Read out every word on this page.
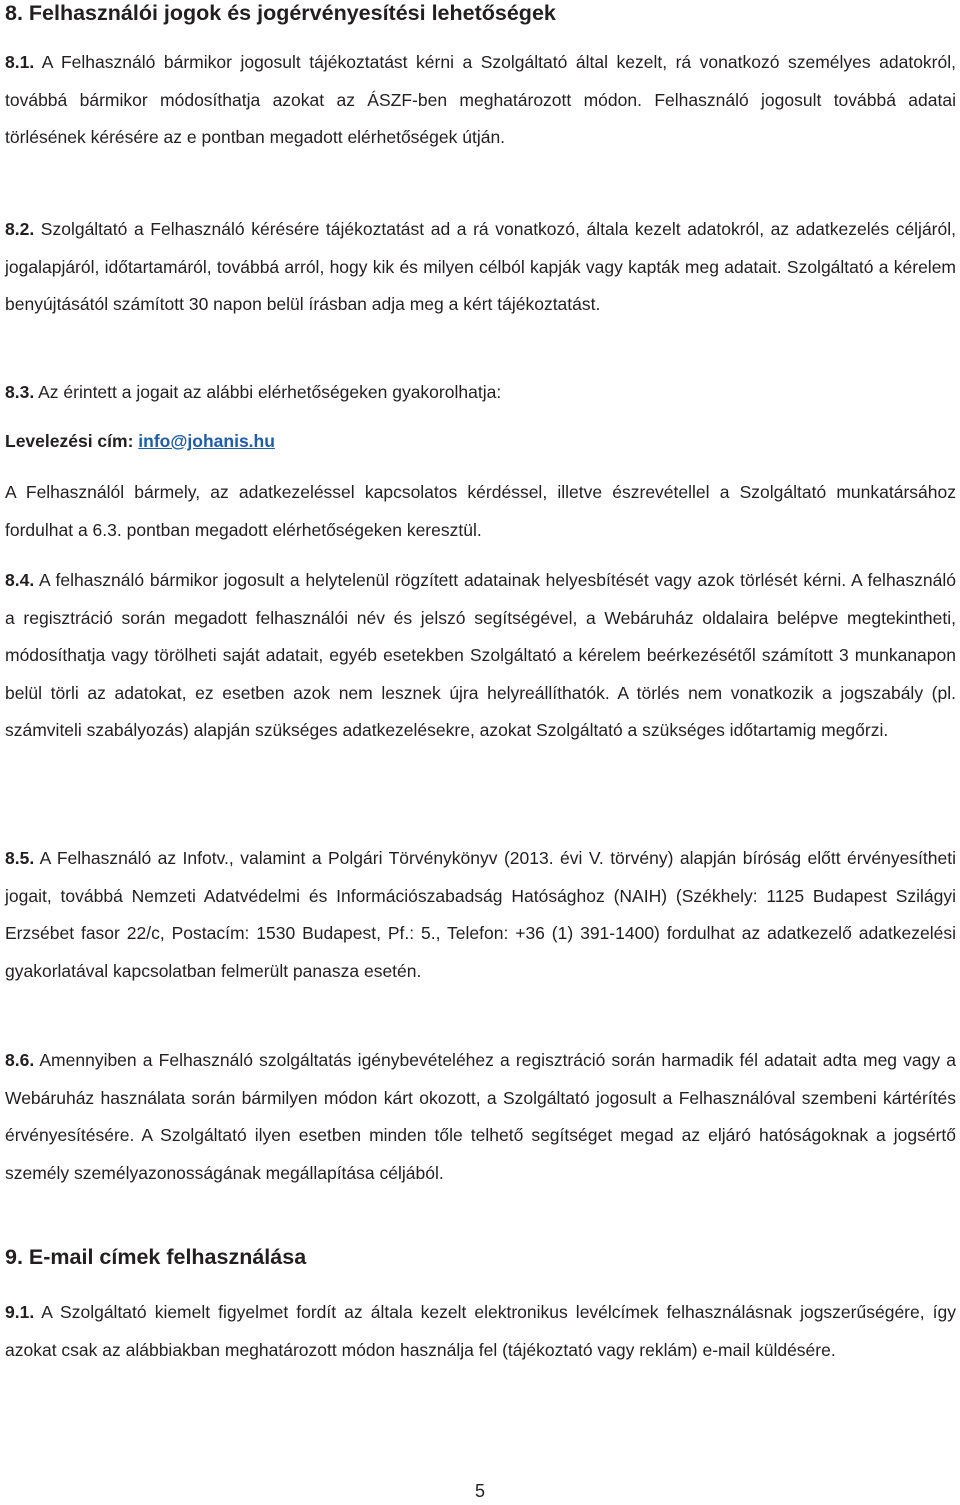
8. Felhasználói jogok és jogérvényesítési lehetőségek

8.1. A Felhasználó bármikor jogosult tájékoztatást kérni a Szolgáltató által kezelt, rá vonatkozó személyes adatokról, továbbá bármikor módosíthatja azokat az ÁSZF-ben meghatározott módon. Felhasználó jogosult továbbá adatai törlésének kérésére az e pontban megadott elérhetőségek útján.

8.2. Szolgáltató a Felhasználó kérésére tájékoztatást ad a rá vonatkozó, általa kezelt adatokról, az adatkezelés céljáról, jogalapjáról, időtartamáról, továbbá arról, hogy kik és milyen célból kapják vagy kapták meg adatait. Szolgáltató a kérelem benyújtásától számított 30 napon belül írásban adja meg a kért tájékoztatást.

8.3. Az érintett a jogait az alábbi elérhetőségeken gyakorolhatja:

Levelezési cím: info@johanis.hu

A Felhasználól bármely, az adatkezeléssel kapcsolatos kérdéssel, illetve észrevétellel a Szolgáltató munkatársához fordulhat a 6.3. pontban megadott elérhetőségeken keresztül.

8.4. A felhasználó bármikor jogosult a helytelenül rögzített adatainak helyesbítését vagy azok törlését kérni. A felhasználó a regisztráció során megadott felhasználói név és jelszó segítségével, a Webáruház oldalaira belépve megtekintheti, módosíthatja vagy törölheti saját adatait, egyéb esetekben Szolgáltató a kérelem beérkezésétől számított 3 munkanapon belül törli az adatokat, ez esetben azok nem lesznek újra helyreállíthatók. A törlés nem vonatkozik a jogszabály (pl. számviteli szabályozás) alapján szükséges adatkezelésekre, azokat Szolgáltató a szükséges időtartamig megőrzi.

8.5. A Felhasználó az Infotv., valamint a Polgári Törvénykönyv (2013. évi V. törvény) alapján bíróság előtt érvényesítheti jogait, továbbá Nemzeti Adatvédelmi és Információszabadság Hatósághoz (NAIH) (Székhely: 1125 Budapest Szilágyi Erzsébet fasor 22/c, Postacím: 1530 Budapest, Pf.: 5., Telefon: +36 (1) 391-1400) fordulhat az adatkezelő adatkezelési gyakorlatával kapcsolatban felmerült panasza esetén.

8.6. Amennyiben a Felhasználó szolgáltatás igénybevételéhez a regisztráció során harmadik fél adatait adta meg vagy a Webáruház használata során bármilyen módon kárt okozott, a Szolgáltató jogosult a Felhasználóval szembeni kártérítés érvényesítésére. A Szolgáltató ilyen esetben minden tőle telhető segítséget megad az eljáró hatóságoknak a jogsértő személy személyazonosságának megállapítása céljából.

9. E-mail címek felhasználása

9.1. A Szolgáltató kiemelt figyelmet fordít az általa kezelt elektronikus levélcímek felhasználásnak jogszerűségére, így azokat csak az alábbiakban meghatározott módon használja fel (tájékoztató vagy reklám) e-mail küldésére.

5
